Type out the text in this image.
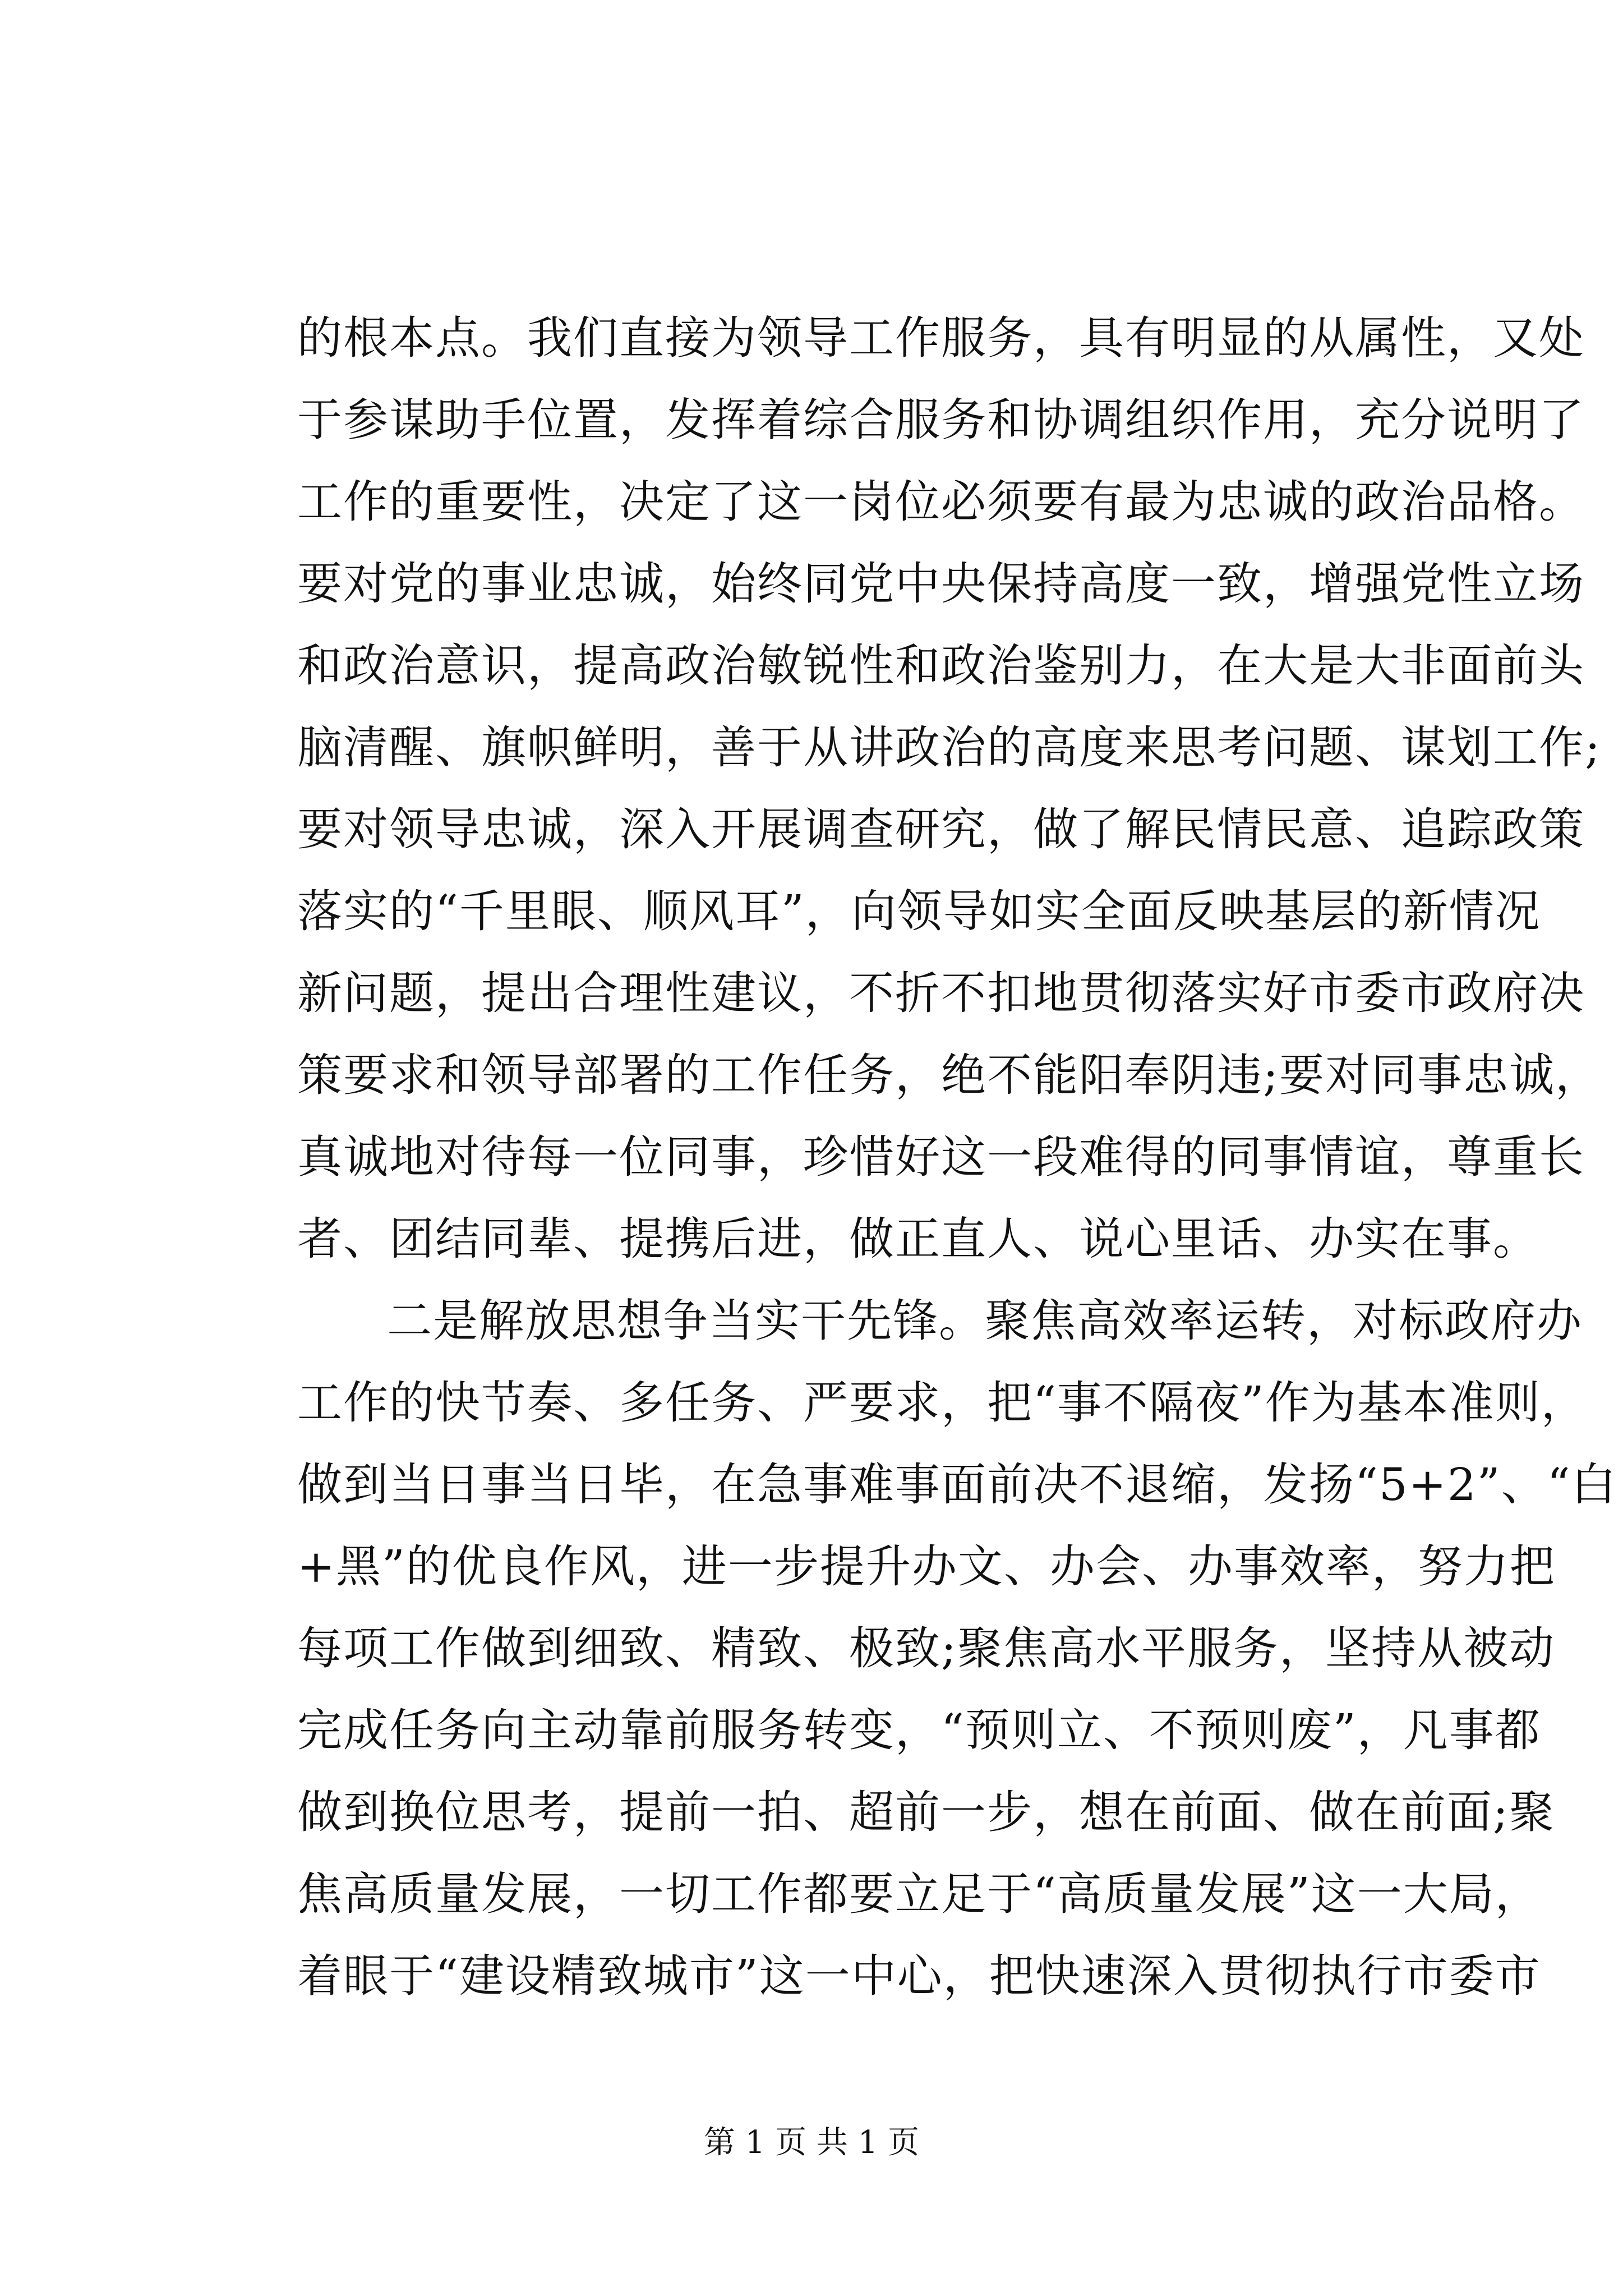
的根本点。我们直接为领导工作服务，具有明显的从属性，又处
于参谋助手位置，发挥着综合服务和协调组织作用，充分说明了
工作的重要性，决定了这一岗位必须要有最为忠诚的政治品格。
要对党的事业忠诚，始终同党中央保持高度一致，增强党性立场
和政治意识，提高政治敏锐性和政治鉴别力，在大是大非面前头
脑清醒、旗帜鲜明，善于从讲政治的高度来思考问题、谋划工作;
要对领导忠诚，深入开展调查研究，做了解民情民意、追踪政策
落实的“千里眼、顺风耳”，向领导如实全面反映基层的新情况
新问题，提出合理性建议，不折不扣地贯彻落实好市委市政府决
策要求和领导部署的工作任务，绝不能阳奉阴违;要对同事忠诚，
真诚地对待每一位同事，珍惜好这一段难得的同事情谊，尊重长
者、团结同辈、提携后进，做正直人、说心里话、办实在事。
二是解放思想争当实干先锋。聚焦高效率运转，对标政府办
工作的快节奏、多任务、严要求，把“事不隔夜”作为基本准则，
做到当日事当日毕，在急事难事面前决不退缩，发扬“5+2”、“白
+黑”的优良作风，进一步提升办文、办会、办事效率，努力把
每项工作做到细致、精致、极致;聚焦高水平服务，坚持从被动
完成任务向主动靠前服务转变，“预则立、不预则废”，凡事都
做到换位思考，提前一拍、超前一步，想在前面、做在前面;聚
焦高质量发展，一切工作都要立足于“高质量发展”这一大局，
着眼于“建设精致城市”这一中心，把快速深入贯彻执行市委市
第 1 页 共 1 页
